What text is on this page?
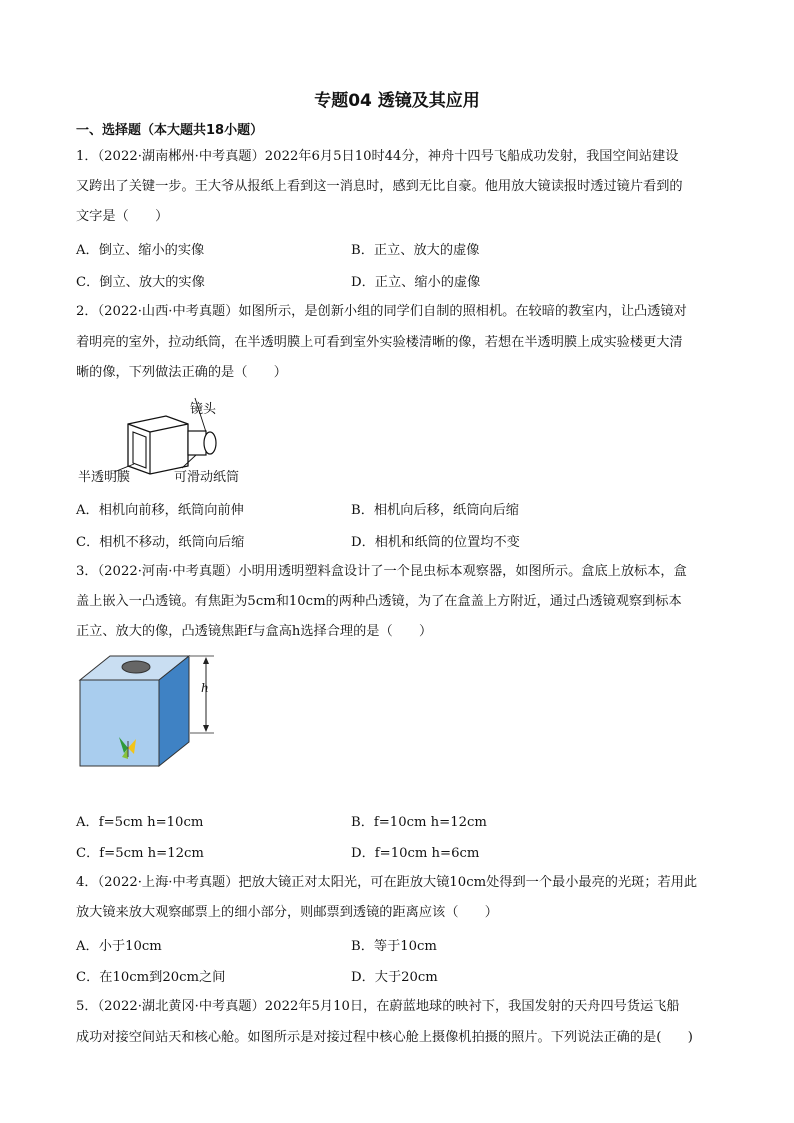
专题04 透镜及其应用
一、选择题（本大题共18小题）
1．（2022·湖南郴州·中考真题）2022年6月5日10时44分，神舟十四号飞船成功发射，我国空间站建设
又跨出了关键一步。王大爷从报纸上看到这一消息时，感到无比自豪。他用放大镜读报时透过镜片看到的
文字是（　　）
A．倒立、缩小的实像	B．正立、放大的虚像
C．倒立、放大的实像	D．正立、缩小的虚像
2．（2022·山西·中考真题）如图所示，是创新小组的同学们自制的照相机。在较暗的教室内，让凸透镜对
着明亮的室外，拉动纸筒，在半透明膜上可看到室外实验楼清晰的像，若想在半透明膜上成实验楼更大清
晰的像，下列做法正确的是（　　）
镜头
半透明膜	可滑动纸筒
A．相机向前移，纸筒向前伸	B．相机向后移，纸筒向后缩
C．相机不移动，纸筒向后缩	D．相机和纸筒的位置均不变
3．（2022·河南·中考真题）小明用透明塑料盒设计了一个昆虫标本观察器，如图所示。盒底上放标本，盒
盖上嵌入一凸透镜。有焦距为5cm和10cm的两种凸透镜，为了在盒盖上方附近，通过凸透镜观察到标本
正立、放大的像，凸透镜焦距f与盒高h选择合理的是（　　）
h
A．f=5cm h=10cm	B．f=10cm h=12cm
C．f=5cm h=12cm	D．f=10cm h=6cm
4．（2022·上海·中考真题）把放大镜正对太阳光，可在距放大镜10cm处得到一个最小最亮的光斑；若用此
放大镜来放大观察邮票上的细小部分，则邮票到透镜的距离应该（　　）
A．小于10cm	B．等于10cm
C．在10cm到20cm之间	D．大于20cm
5．（2022·湖北黄冈·中考真题）2022年5月10日，在蔚蓝地球的映衬下，我国发射的天舟四号货运飞船
成功对接空间站天和核心舱。如图所示是对接过程中核心舱上摄像机拍摄的照片。下列说法正确的是(　　)
